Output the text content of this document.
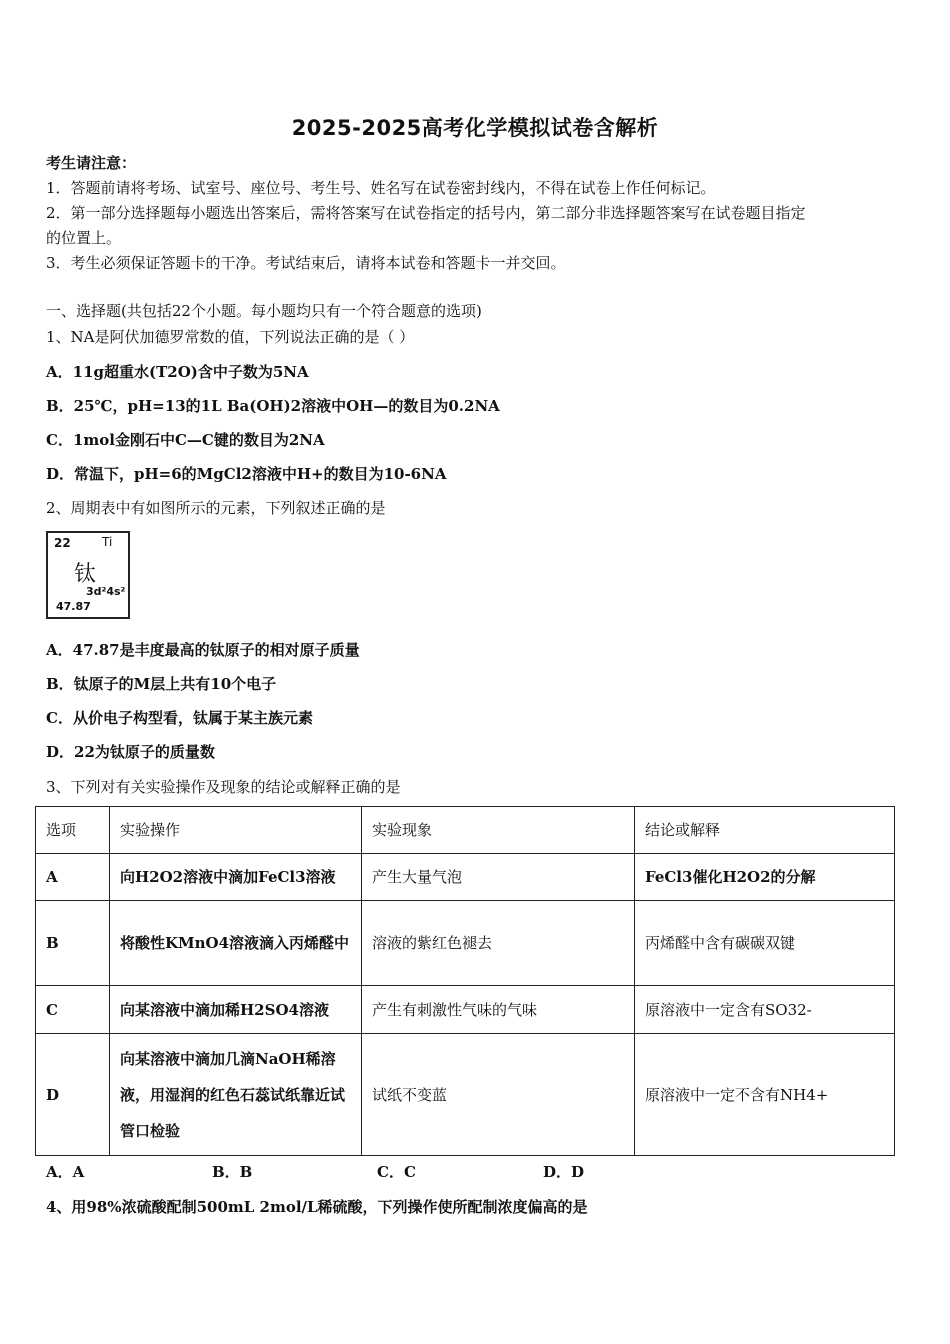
2025-2025高考化学模拟试卷含解析
考生请注意：
1．答题前请将考场、试室号、座位号、考生号、姓名写在试卷密封线内，不得在试卷上作任何标记。
2．第一部分选择题每小题选出答案后，需将答案写在试卷指定的括号内，第二部分非选择题答案写在试卷题目指定
的位置上。
3．考生必须保证答题卡的干净。考试结束后，请将本试卷和答题卡一并交回。
一、选择题(共包括22个小题。每小题均只有一个符合题意的选项)
1、NA是阿伏加德罗常数的值，下列说法正确的是（ ）
A．11g超重水(T2O)含中子数为5NA
B．25℃，pH=13的1L Ba(OH)2溶液中OH—的数目为0.2NA
C．1mol金刚石中C—C键的数目为2NA
D．常温下，pH=6的MgCl2溶液中H+的数目为10-6NA
2、周期表中有如图所示的元素，下列叙述正确的是
22	Ti
钛
3d²4s²
47.87
A．47.87是丰度最高的钛原子的相对原子质量
B．钛原子的M层上共有10个电子
C．从价电子构型看，钛属于某主族元素
D．22为钛原子的质量数
3、下列对有关实验操作及现象的结论或解释正确的是
选项	实验操作	实验现象	结论或解释
A	向H2O2溶液中滴加FeCl3溶液	产生大量气泡	FeCl3催化H2O2的分解
B	将酸性KMnO4溶液滴入丙烯醛中	溶液的紫红色褪去	丙烯醛中含有碳碳双键
C	向某溶液中滴加稀H2SO4溶液	产生有刺激性气味的气味	原溶液中一定含有SO32-
D	向某溶液中滴加几滴NaOH稀溶液，用湿润的红色石蕊试纸靠近试管口检验	试纸不变蓝	原溶液中一定不含有NH4+
A．A	B．B	C．C	D．D
4、用98%浓硫酸配制500mL 2mol/L稀硫酸，下列操作使所配制浓度偏高的是
